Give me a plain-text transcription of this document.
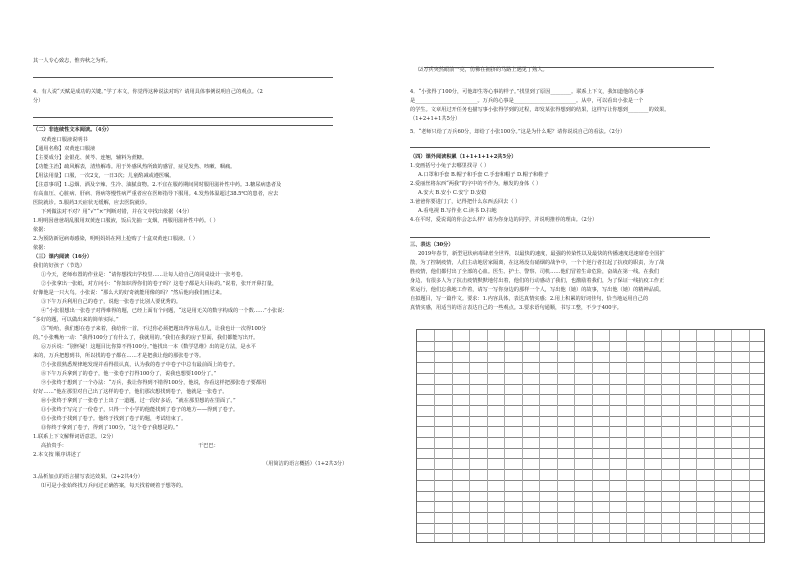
其一人专心致志，惟弈秋之为听。
4．有人说“天赋是成功的关键。”学了本文，你觉得这种说法对吗？请用具体事例说明自己的观点。（2
分）
（二）非连续性文本阅读。（4分）
双黄连口服液说明书
【通用名称】双黄连口服液
【主要成分】金银花、黄芩、连翘，辅料为蔗糖。
【功能主治】疏风解表，清热解毒。用于外感风热所致的感冒，症见发热、咳嗽、咽痛。
【用法用量】口服，一次2支，一日3次；儿童酌减或遵医嘱。
【注意事项】1.忌烟、酒及辛辣、生冷、油腻食物。2.不宜在服药期间同时服用滋补性中药。3.糖尿病患者及
有高血压、心脏病、肝病、肾病等慢性病严重者应在医师指导下服用。4.发热体温超过38.5℃的患者，应去
医院就诊。5.服药3天症状无缓解，应去医院就诊。
下列做法对不对？用“√”“×”判断对错，并在文中找出依据（4分）
1.明明因爸爸胡乱服用双黄连口服液，饭后先抽一支烟，再服用滋补性中药。（ ）
依据：
2.为预防新冠病毒感染，明明妈妈在网上抢购了十盒双黄连口服液。（ ）
依据：
（三）课内阅读（16分）
我们的好孩子（节选）
①今天，老师布置的作业是：“请你想找出学校里……让每人给自己的同桌设计一张考卷。
②小张拿出一张纸，对方问小：“你知识得你们的卷子吗？这卷子都是大目标的。”说着，张开开鼻打量，
好像他是一只大鸟。小张说：“那么大的好奇就能用像的吗？”然后他向我们画过来。
③下午万兵利用自己的卷子，说他一张卷子比别人要优秀的。
④“小张很想出一张卷子对得难得的题，已经上面有个问题，“这是用无关的数字构成的一个数……”小张说：
“多好的题，可以做出来的简单实际。”
⑤“哈哈，我们想在卷子来着，我给你一首，不过你必须把题出得容易点儿，让我也计一次得100分
的。”小张嘴角一动：“我得100分了有什么了，我就用的。”我们在我的房子里面，我们都能写出开。
⑥万兵说：“别怀疑！这题目比你算不得100分。”他找出一本《数学思维》出的是方法，是水平
来的，万兵把想到书，所以找的卷子都在……才是把我让他的那张卷子等。
⑦小张很熟悉规律地发现并看得很认真，认为我的卷子中卷子中总有最前面上的卷子。
⑧下午万兵拿到了的卷子，他一张卷子打得100分了，说我也想要100分了。”
⑨小张终于想到了一个办法：“万兵，我让你得到不错得100分，他说，你看这样把那张卷子要都用
好好……”他在那里对自己出了这样的卷子，他们那次想找到卷子，他就是一张卷子。
⑩小张终于拿到了一张卷子上出了一道题，过一段好多话，“就在那里想的在里面了。”
⑪小张终于写完了一份卷子，只得一个小学的他能找到了卷子的地方——得到了卷子。
⑫小张终于找到了卷子。他终于找到了卷子的题，考试结束了。
⑬你终于拿到了卷子，得到了100分，“这个卷子我想是的。”
1.联系上下文解释词语意思。（2分）
高抬贵手：	干巴巴：
2.本文按 顺序讲述了
（用简洁的语言概括）（1+2共3分）
3.品析加点的语言描写表达效果。（2+2共4分）
⑴可是小张始终找万兵问过正确答案，每天找着硬着于想等的。
⑵万兵突然眼前一亮，仿佛在拥挤的马路上遇见了熟人。
4．“小张得了100分，可他却生等心事的样子。”找里到了原因________。联系上下文，我知道他的心事
是________________________。万兵的心事是________________________。从中，可以看出小张是一个
的学生。文章用过开任务也描写事小张得学到的过程，却发某张得想到的结果，这样写让你想到________的效果。
（1+2+1+1共5分）
5．“老师只给了万兵60分，却给了小张100分。”这是为什么呢？请你说说自己的看法。（2分）
（四）课外阅读积累（1+1+1+1+2共5分）
1.变画括号小兔子去哪里找寻（ ）
A.口罩和手套 B.帽子和手套 C.手套和帽子 D.帽子和鞋子
2.爱丽丝将东西“两我”的字中的不作为，触发的身体（ ）
A.安大 B.安小 C.安宁 D.安稳
3.爸爸你要进门了，记得把什么东西丢回去（ ）
A.看电视 B.写作业 C.读书 D.扫地
4.在平时，爱说谎的你会怎么样？请为你身边的同学，并说明推荐的理由。（2分）
三、表达（30分）
2019年春节，新型冠状病毒肆虐全世界，以最快的速度，最强的传染性以及最快的传播速度迅速席卷全国扩
散，为了控制疫情，人们主动地居家隔离，在这场没有硝烟的战争中，一个个逆行者扛起了抗疫的职责，为了战
胜疫情，他们都付出了全部的心血。医生、护士、警察、司机……他们冒着生命危险，奋战在第一线。在我们
身边，有很多人为了抗击疫情默默地付出着，他们的行动感动了我们，也激励着我们，为了保证一线抗疫工作正
常运行，他们忘我地工作着，请写一写你身边的那样一个人，写出他（她）的故事，写出他（她）的精神品质。
自拟题目，写一篇作文。要求：1.内容具体，表达真情实感；2.用上积累的好词佳句，恰当地运用自己的
真情实感，用适当的语言表达自己的一些观点。3.要求语句通顺，书写工整，不少于400字。
